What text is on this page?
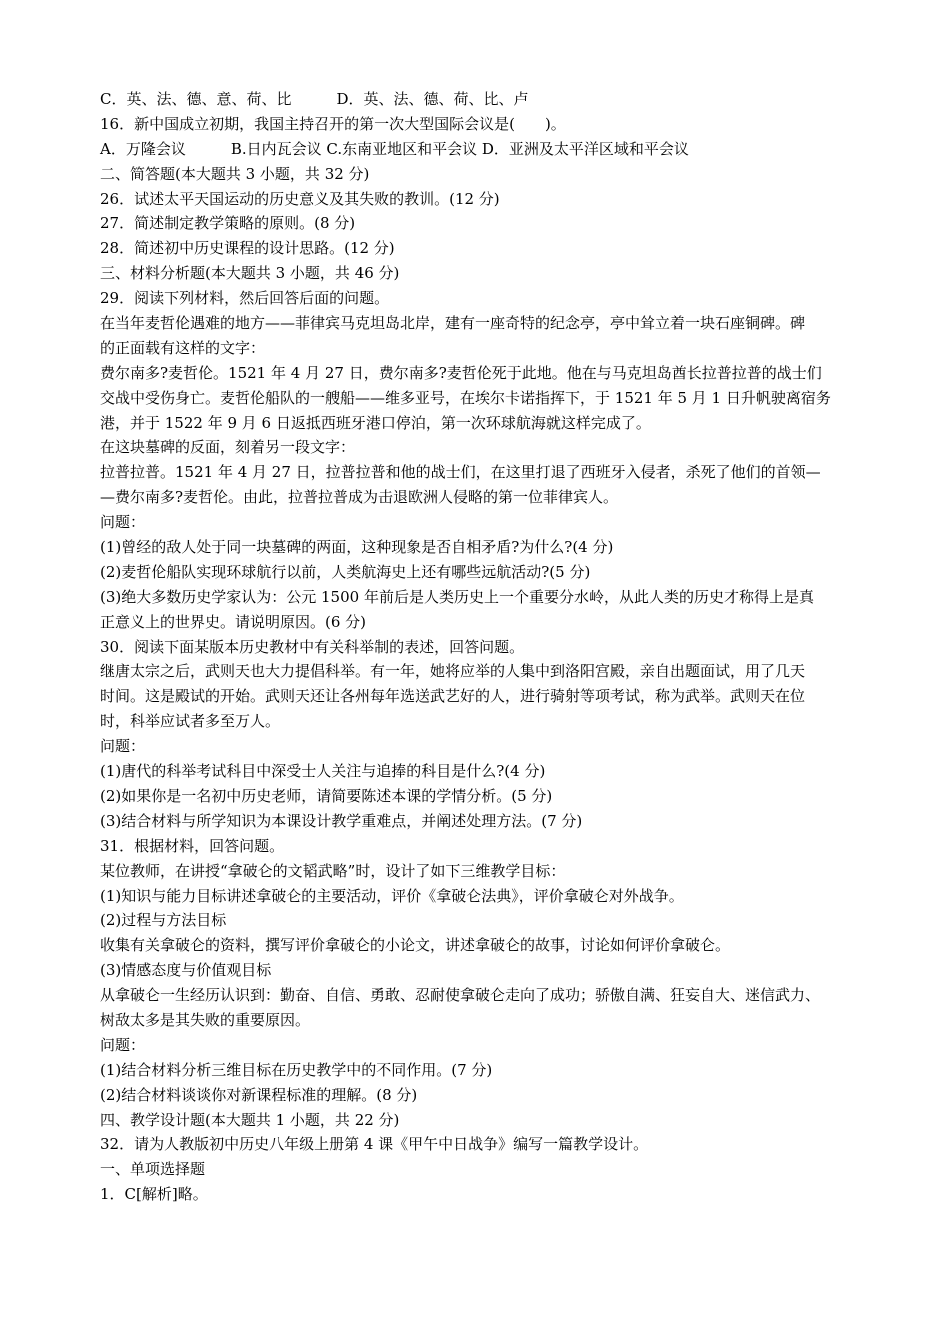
C．英、法、德、意、荷、比　　　D．英、法、德、荷、比、卢
16．新中国成立初期，我国主持召开的第一次大型国际会议是(　　)。
A．万隆会议　　　B.日内瓦会议 C.东南亚地区和平会议 D．亚洲及太平洋区域和平会议
二、简答题(本大题共 3 小题，共 32 分)
26．试述太平天国运动的历史意义及其失败的教训。(12 分)
27．简述制定教学策略的原则。(8 分)
28．简述初中历史课程的设计思路。(12 分)
三、材料分析题(本大题共 3 小题，共 46 分)
29．阅读下列材料，然后回答后面的问题。
在当年麦哲伦遇难的地方——菲律宾马克坦岛北岸，建有一座奇特的纪念亭，亭中耸立着一块石座铜碑。碑
的正面载有这样的文字：
费尔南多?麦哲伦。1521 年 4 月 27 日，费尔南多?麦哲伦死于此地。他在与马克坦岛酋长拉普拉普的战士们
交战中受伤身亡。麦哲伦船队的一艘船——维多亚号，在埃尔卡诺指挥下，于 1521 年 5 月 1 日升帆驶离宿务
港，并于 1522 年 9 月 6 日返抵西班牙港口停泊，第一次环球航海就这样完成了。
在这块墓碑的反面，刻着另一段文字：
拉普拉普。1521 年 4 月 27 日，拉普拉普和他的战士们，在这里打退了西班牙入侵者，杀死了他们的首领—
—费尔南多?麦哲伦。由此，拉普拉普成为击退欧洲人侵略的第一位菲律宾人。
问题：
(1)曾经的敌人处于同一块墓碑的两面，这种现象是否自相矛盾?为什么?(4 分)
(2)麦哲伦船队实现环球航行以前，人类航海史上还有哪些远航活动?(5 分)
(3)绝大多数历史学家认为：公元 1500 年前后是人类历史上一个重要分水岭，从此人类的历史才称得上是真
正意义上的世界史。请说明原因。(6 分)
30．阅读下面某版本历史教材中有关科举制的表述，回答问题。
继唐太宗之后，武则天也大力提倡科举。有一年，她将应举的人集中到洛阳宫殿，亲自出题面试，用了几天
时间。这是殿试的开始。武则天还让各州每年选送武艺好的人，进行骑射等项考试，称为武举。武则天在位
时，科举应试者多至万人。
问题：
(1)唐代的科举考试科目中深受士人关注与追捧的科目是什么?(4 分)
(2)如果你是一名初中历史老师，请简要陈述本课的学情分析。(5 分)
(3)结合材料与所学知识为本课设计教学重难点，并阐述处理方法。(7 分)
31．根据材料，回答问题。
某位教师，在讲授“拿破仑的文韬武略”时，设计了如下三维教学目标：
(1)知识与能力目标讲述拿破仑的主要活动，评价《拿破仑法典》，评价拿破仑对外战争。
(2)过程与方法目标
收集有关拿破仑的资料，撰写评价拿破仑的小论文，讲述拿破仑的故事，讨论如何评价拿破仑。
(3)情感态度与价值观目标
从拿破仑一生经历认识到：勤奋、自信、勇敢、忍耐使拿破仑走向了成功；骄傲自满、狂妄自大、迷信武力、
树敌太多是其失败的重要原因。
问题：
(1)结合材料分析三维目标在历史教学中的不同作用。(7 分)
(2)结合材料谈谈你对新课程标准的理解。(8 分)
四、教学设计题(本大题共 1 小题，共 22 分)
32．请为人教版初中历史八年级上册第 4 课《甲午中日战争》编写一篇教学设计。
一、单项选择题
1．C[解析]略。
